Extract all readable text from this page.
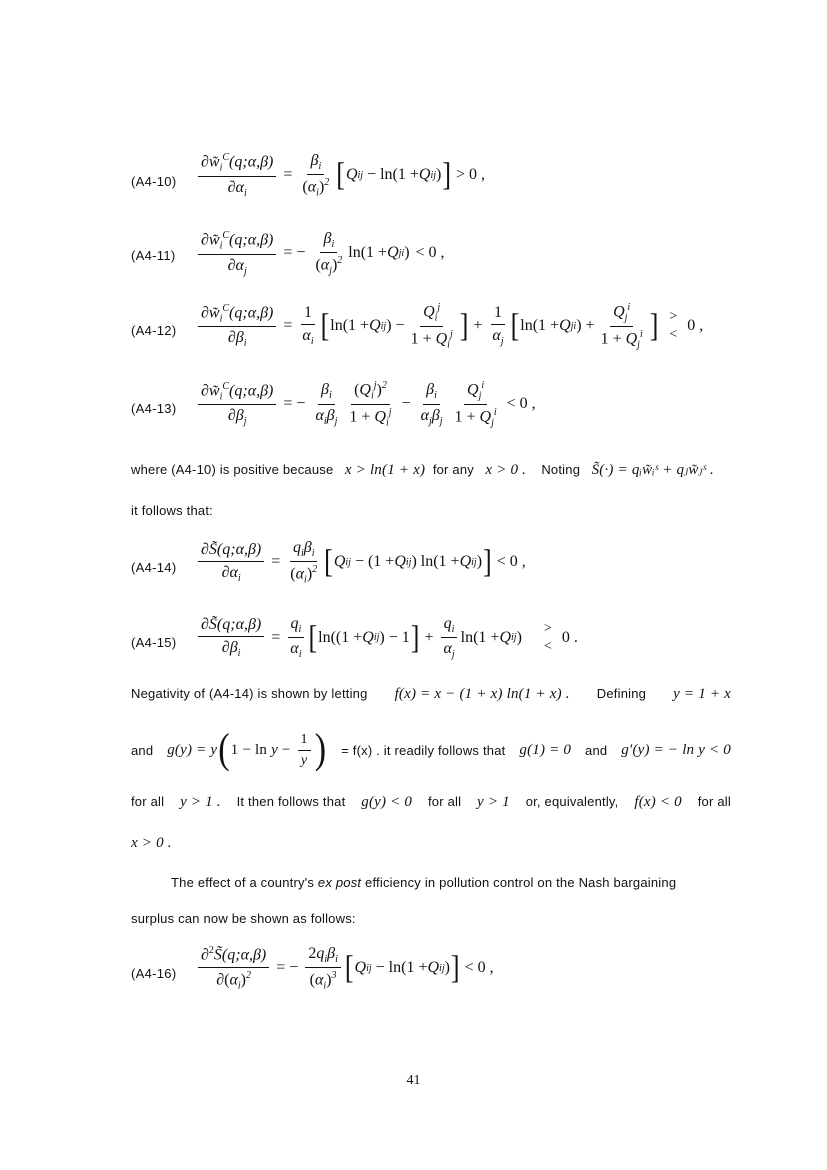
$(A4-10) \frac{\partial w̃_i^C(q;\alpha,\beta)}{\partial\alpha_i} = \frac{\beta_i}{(\alpha_i)^2}$ [ Q i j − ln(1 + Q i j ) ] > 0 ,
$(A4-11) \frac{\partial w̃_i^C(q;\alpha,\beta)}{\partial\alpha_j}$ = − $\frac{\beta_i}{(\alpha_j)^2} \ln(1 + Q$ j i ) < 0 ,
$(A4-12) \frac{\partial w̃_i^C(q;\alpha,\beta)}{\partial\beta_i} = \frac{1}{\alpha_i}$ [ ln(1 + Q i j ) − $\frac{Q_i^j}{1 + Q_i^j}$ ] + $\frac{1}{\alpha_j}$ [ ln(1 + Q j i ) + $\frac{Q_j^i}{1 + Q_j^i}$ ] >
<
0 ,
$(A4-13) \frac{\partial w̃_i^C(q;\alpha,\beta)}{\partial\beta_j}$ = − $\frac{\beta_i}{\alpha_i\beta_j} \frac{(Q_i^j)^2}{1 + Q_i^j} - \frac{\beta_i}{\alpha_j\beta_j} \frac{Q_j^i}{1 + Q_j^i} < 0$ ,
where (A4-10) is positive because x > ln(1 + x) for any x > 0 . Noting S̃(·) = qᵢw̃ᵢˢ + qⱼw̃ⱼˢ .
it follows that:
$(A4-14) \frac{\partial S̃(q;\alpha,\beta)}{\partial\alpha_i} = \frac{q_i\beta_i}{(\alpha_i)^2}$ [ Q i j − (1 + Q i j ) ln(1 + Q i j ) ] < 0 ,
$(A4-15) \frac{\partial S̃(q;\alpha,\beta)}{\partial\beta_i} = \frac{q_i}{\alpha_i}$ [ ln((1 + Q i j ) − 1 ] + $\frac{q_i}{\alpha_j} \ln(1 + Q$ i j )
>
<
0 .
Negativity of (A4-14) is shown by letting f(x) = x − (1 + x) ln(1 + x) . Defining y = 1 + x
and g(y) = y ( $1 - \ln y - \frac{1}{y}$ ) = f(x) . it readily follows that g(1) = 0 and g′(y) = − ln y < 0
for all y > 1 . It then follows that g(y) < 0 for all y > 1 or, equivalently, f(x) < 0 for all
x > 0 .
The effect of a country's ex post efficiency in pollution control on the Nash bargaining
surplus can now be shown as follows:
$(A4-16) \frac{\partial^2S̃(q;\alpha,\beta)}{\partial(\alpha_i)^2}$ = − $\frac{2q_i\beta_i}{(\alpha_i)^3}$ [ Q i j − ln(1 + Q i j ) ] < 0 ,
41
